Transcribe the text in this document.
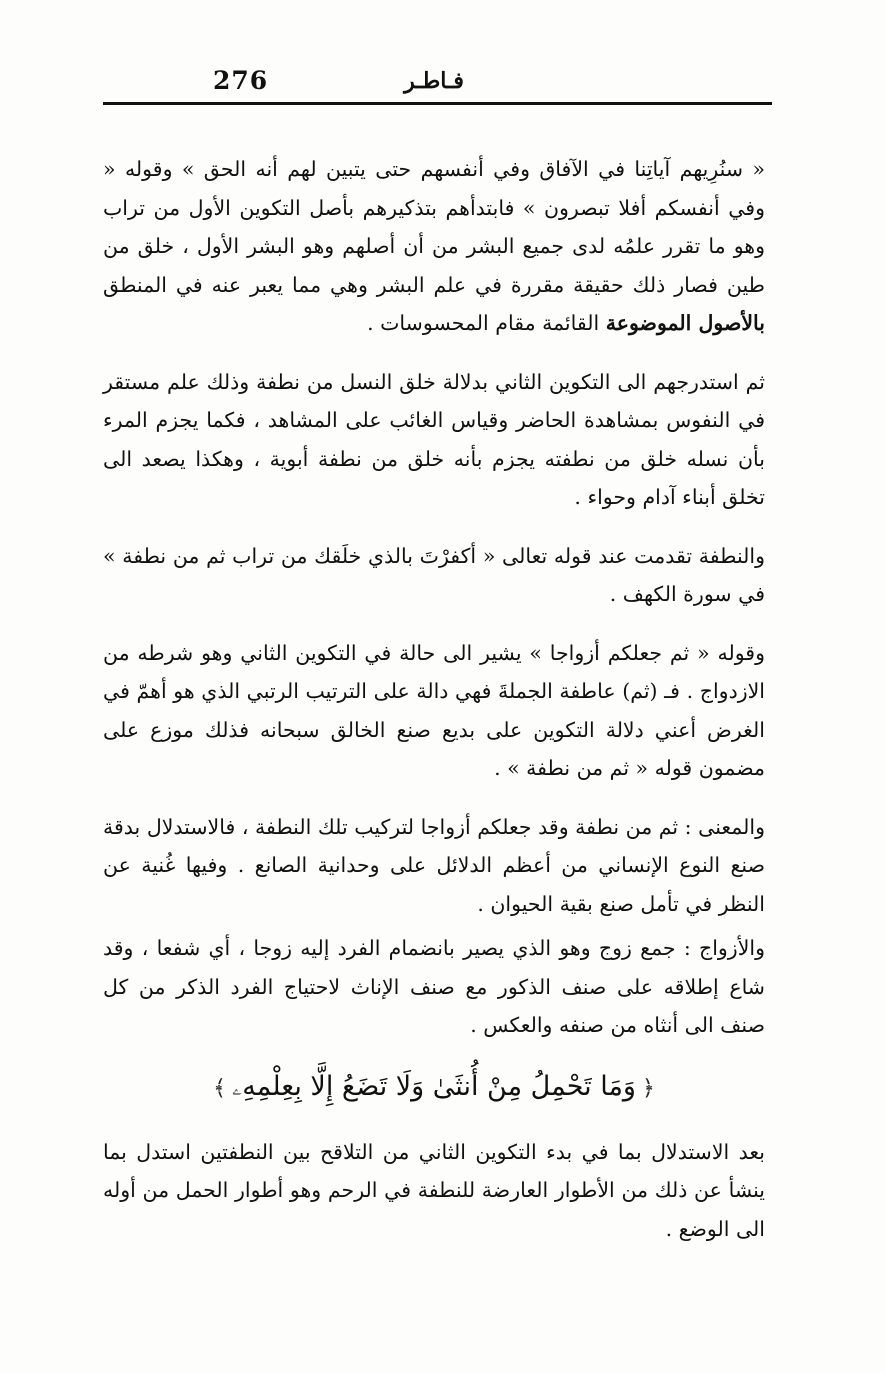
276	فـاطـر

« سنُرِيهم آياتِنا في الآفاق وفي أنفسهم حتى يتبين لهم أنه الحق » وقوله « وفي أنفسكم أفلا تبصرون » فابتدأهم بتذكيرهم بأصل التكوين الأول من تراب وهو ما تقرر علمُه لدى جميع البشر من أن أصلهم وهو البشر الأول ، خلق من طين فصار ذلك حقيقة مقررة في علم البشر وهي مما يعبر عنه في المنطق بالأصول الموضوعة القائمة مقام المحسوسات .

ثم استدرجهم الى التكوين الثاني بدلالة خلق النسل من نطفة وذلك علم مستقر في النفوس بمشاهدة الحاضر وقياس الغائب على المشاهد ، فكما يجزم المرء بأن نسله خلق من نطفته يجزم بأنه خلق من نطفة أبوية ، وهكذا يصعد الى تخلق أبناء آدام وحواء .

والنطفة تقدمت عند قوله تعالى « أكفرْتَ بالذي خلَقك من تراب ثم من نطفة » في سورة الكهف .

وقوله « ثم جعلكم أزواجا » يشير الى حالة في التكوين الثاني وهو شرطه من الازدواج . فـ (ثم) عاطفة الجملةَ فهي دالة على الترتيب الرتبي الذي هو أهمّ في الغرض أعني دلالة التكوين على بديع صنع الخالق سبحانه فذلك موزع على مضمون قوله « ثم من نطفة » .

والمعنى : ثم من نطفة وقد جعلكم أزواجا لتركيب تلك النطفة ، فالاستدلال بدقة صنع النوع الإنساني من أعظم الدلائل على وحدانية الصانع . وفيها غُنية عن النظر في تأمل صنع بقية الحيوان .

والأزواج : جمع زوج وهو الذي يصير بانضمام الفرد إليه زوجا ، أي شفعا ، وقد شاع إطلاقه على صنف الذكور مع صنف الإناث لاحتياج الفرد الذكر من كل صنف الى أنثاه من صنفه والعكس .

﴿وَمَا تَحْمِلُ مِنْ أُنثَىٰ وَلَا تَضَعُ إِلَّا بِعِلْمِهِۦ﴾

بعد الاستدلال بما في بدء التكوين الثاني من التلاقح بين النطفتين استدل بما ينشأ عن ذلك من الأطوار العارضة للنطفة في الرحم وهو أطوار الحمل من أوله الى الوضع .
